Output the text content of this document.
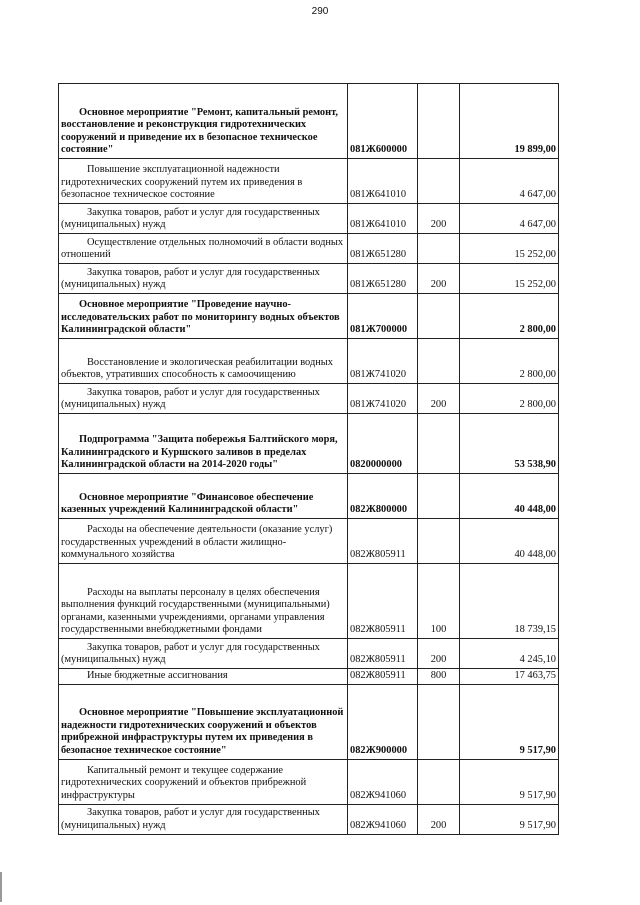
290
Основное мероприятие "Ремонт, капитальный ремонт, восстановление и реконструкция гидротехнических сооружений и приведение их в безопасное техническое состояние"	081Ж600000		19 899,00
Повышение эксплуатационной надежности гидротехнических сооружений путем их приведения в безопасное техническое состояние	081Ж641010		4 647,00
Закупка товаров, работ и услуг для государственных (муниципальных) нужд	081Ж641010	200	4 647,00
Осуществление отдельных полномочий в области водных отношений	081Ж651280		15 252,00
Закупка товаров, работ и услуг для государственных (муниципальных) нужд	081Ж651280	200	15 252,00
Основное мероприятие "Проведение научно-исследовательских работ по мониторингу водных объектов Калининградской области"	081Ж700000		2 800,00
Восстановление и экологическая реабилитации водных объектов, утративших способность к самоочищению	081Ж741020		2 800,00
Закупка товаров, работ и услуг для государственных (муниципальных) нужд	081Ж741020	200	2 800,00
Подпрограмма "Защита побережья Балтийского моря, Калининградского и Куршского заливов в пределах Калининградской области на 2014-2020 годы"	0820000000		53 538,90
Основное мероприятие "Финансовое обеспечение казенных учреждений Калининградской области"	082Ж800000		40 448,00
Расходы на обеспечение деятельности (оказание услуг) государственных учреждений в области жилищно-коммунального хозяйства	082Ж805911		40 448,00
Расходы на выплаты персоналу в целях обеспечения выполнения функций государственными (муниципальными) органами, казенными учреждениями, органами управления государственными внебюджетными фондами	082Ж805911	100	18 739,15
Закупка товаров, работ и услуг для государственных (муниципальных) нужд	082Ж805911	200	4 245,10
Иные бюджетные ассигнования	082Ж805911	800	17 463,75
Основное мероприятие "Повышение эксплуатационной надежности гидротехнических сооружений и объектов прибрежной инфраструктуры путем их приведения в безопасное техническое состояние"	082Ж900000		9 517,90
Капитальный ремонт и текущее содержание гидротехнических сооружений и объектов прибрежной инфраструктуры	082Ж941060		9 517,90
Закупка товаров, работ и услуг для государственных (муниципальных) нужд	082Ж941060	200	9 517,90
